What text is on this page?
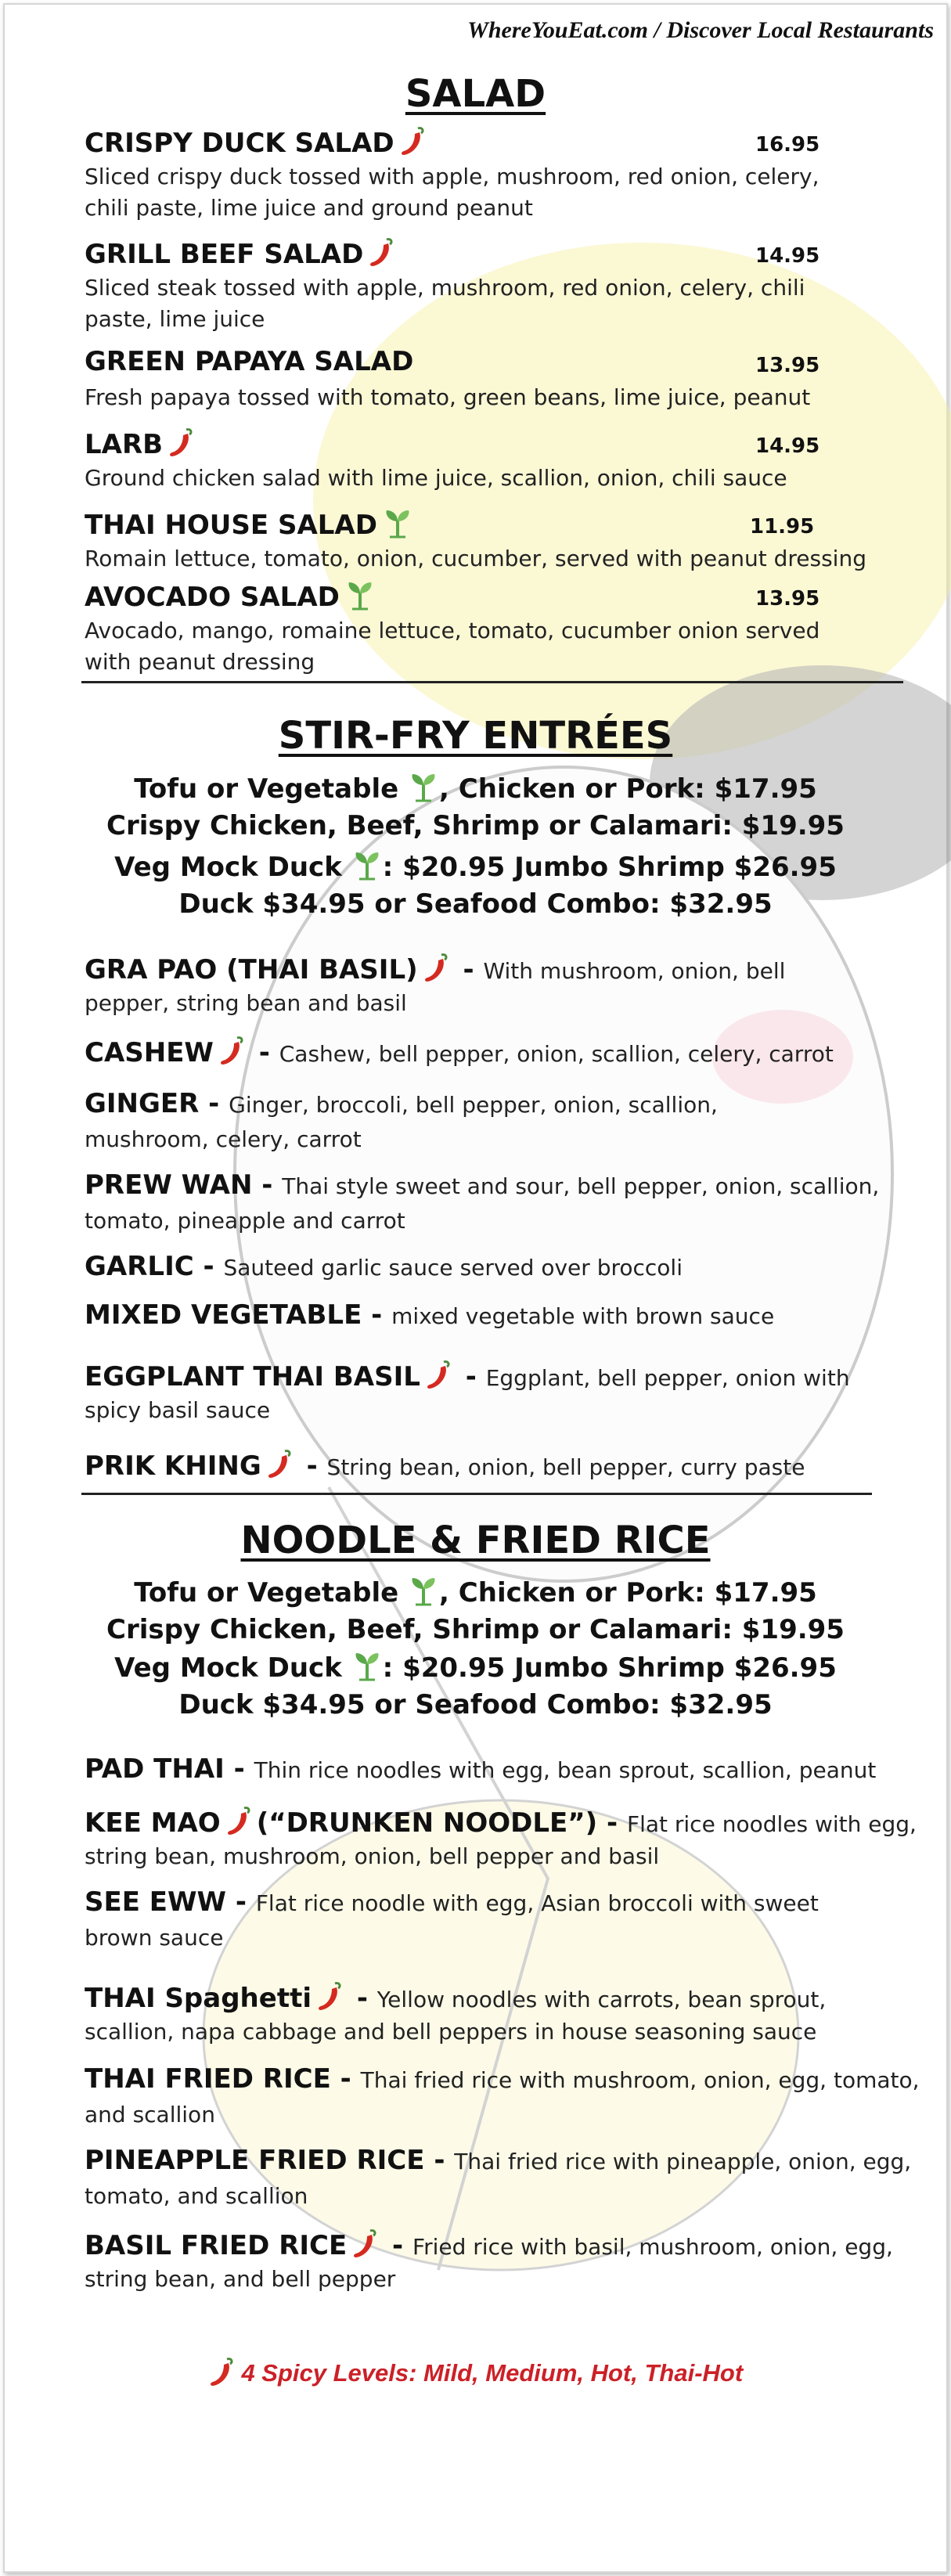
WhereYouEat.com / Discover Local Restaurants
SALAD
CRISPY DUCK SALAD	16.95
Sliced crispy duck tossed with apple, mushroom, red onion, celery,
chili paste, lime juice and ground peanut
GRILL BEEF SALAD	14.95
Sliced steak tossed with apple, mushroom, red onion, celery, chili
paste, lime juice
GREEN PAPAYA SALAD	13.95
Fresh papaya tossed with tomato, green beans, lime juice, peanut
LARB	14.95
Ground chicken salad with lime juice, scallion, onion, chili sauce
THAI HOUSE SALAD	11.95
Romain lettuce, tomato, onion, cucumber, served with peanut dressing
AVOCADO SALAD	13.95
Avocado, mango, romaine lettuce, tomato, cucumber onion served
with peanut dressing
STIR-FRY ENTRÉES
Tofu or Vegetable , Chicken or Pork: $17.95
Crispy Chicken, Beef, Shrimp or Calamari: $19.95
Veg Mock Duck : $20.95 Jumbo Shrimp $26.95
Duck $34.95 or Seafood Combo: $32.95
GRA PAO (THAI BASIL) - With mushroom, onion, bell
pepper, string bean and basil
CASHEW - Cashew, bell pepper, onion, scallion, celery, carrot
GINGER - Ginger, broccoli, bell pepper, onion, scallion,
mushroom, celery, carrot
PREW WAN - Thai style sweet and sour, bell pepper, onion, scallion,
tomato, pineapple and carrot
GARLIC - Sauteed garlic sauce served over broccoli
MIXED VEGETABLE - mixed vegetable with brown sauce
EGGPLANT THAI BASIL - Eggplant, bell pepper, onion with
spicy basil sauce
PRIK KHING - String bean, onion, bell pepper, curry paste
NOODLE & FRIED RICE
Tofu or Vegetable , Chicken or Pork: $17.95
Crispy Chicken, Beef, Shrimp or Calamari: $19.95
Veg Mock Duck : $20.95 Jumbo Shrimp $26.95
Duck $34.95 or Seafood Combo: $32.95
PAD THAI - Thin rice noodles with egg, bean sprout, scallion, peanut
KEE MAO (“DRUNKEN NOODLE”) - Flat rice noodles with egg,
string bean, mushroom, onion, bell pepper and basil
SEE EWW - Flat rice noodle with egg, Asian broccoli with sweet
brown sauce
THAI Spaghetti - Yellow noodles with carrots, bean sprout,
scallion, napa cabbage and bell peppers in house seasoning sauce
THAI FRIED RICE - Thai fried rice with mushroom, onion, egg, tomato,
and scallion
PINEAPPLE FRIED RICE - Thai fried rice with pineapple, onion, egg,
tomato, and scallion
BASIL FRIED RICE - Fried rice with basil, mushroom, onion, egg,
string bean, and bell pepper
4 Spicy Levels: Mild, Medium, Hot, Thai-Hot
